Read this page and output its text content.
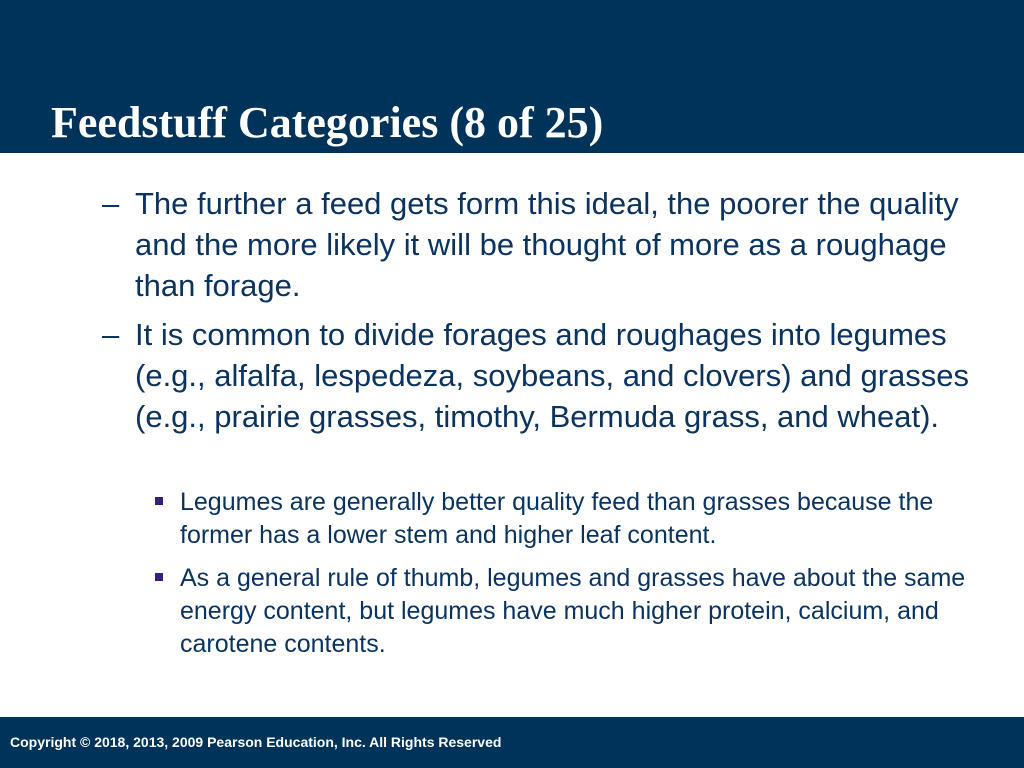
Feedstuff Categories (8 of 25)
– The further a feed gets form this ideal, the poorer the quality and the more likely it will be thought of more as a roughage than forage.
– It is common to divide forages and roughages into legumes (e.g., alfalfa, lespedeza, soybeans, and clovers) and grasses (e.g., prairie grasses, timothy, Bermuda grass, and wheat).
Legumes are generally better quality feed than grasses because the former has a lower stem and higher leaf content.
As a general rule of thumb, legumes and grasses have about the same energy content, but legumes have much higher protein, calcium, and carotene contents.
Copyright © 2018, 2013, 2009 Pearson Education, Inc. All Rights Reserved
